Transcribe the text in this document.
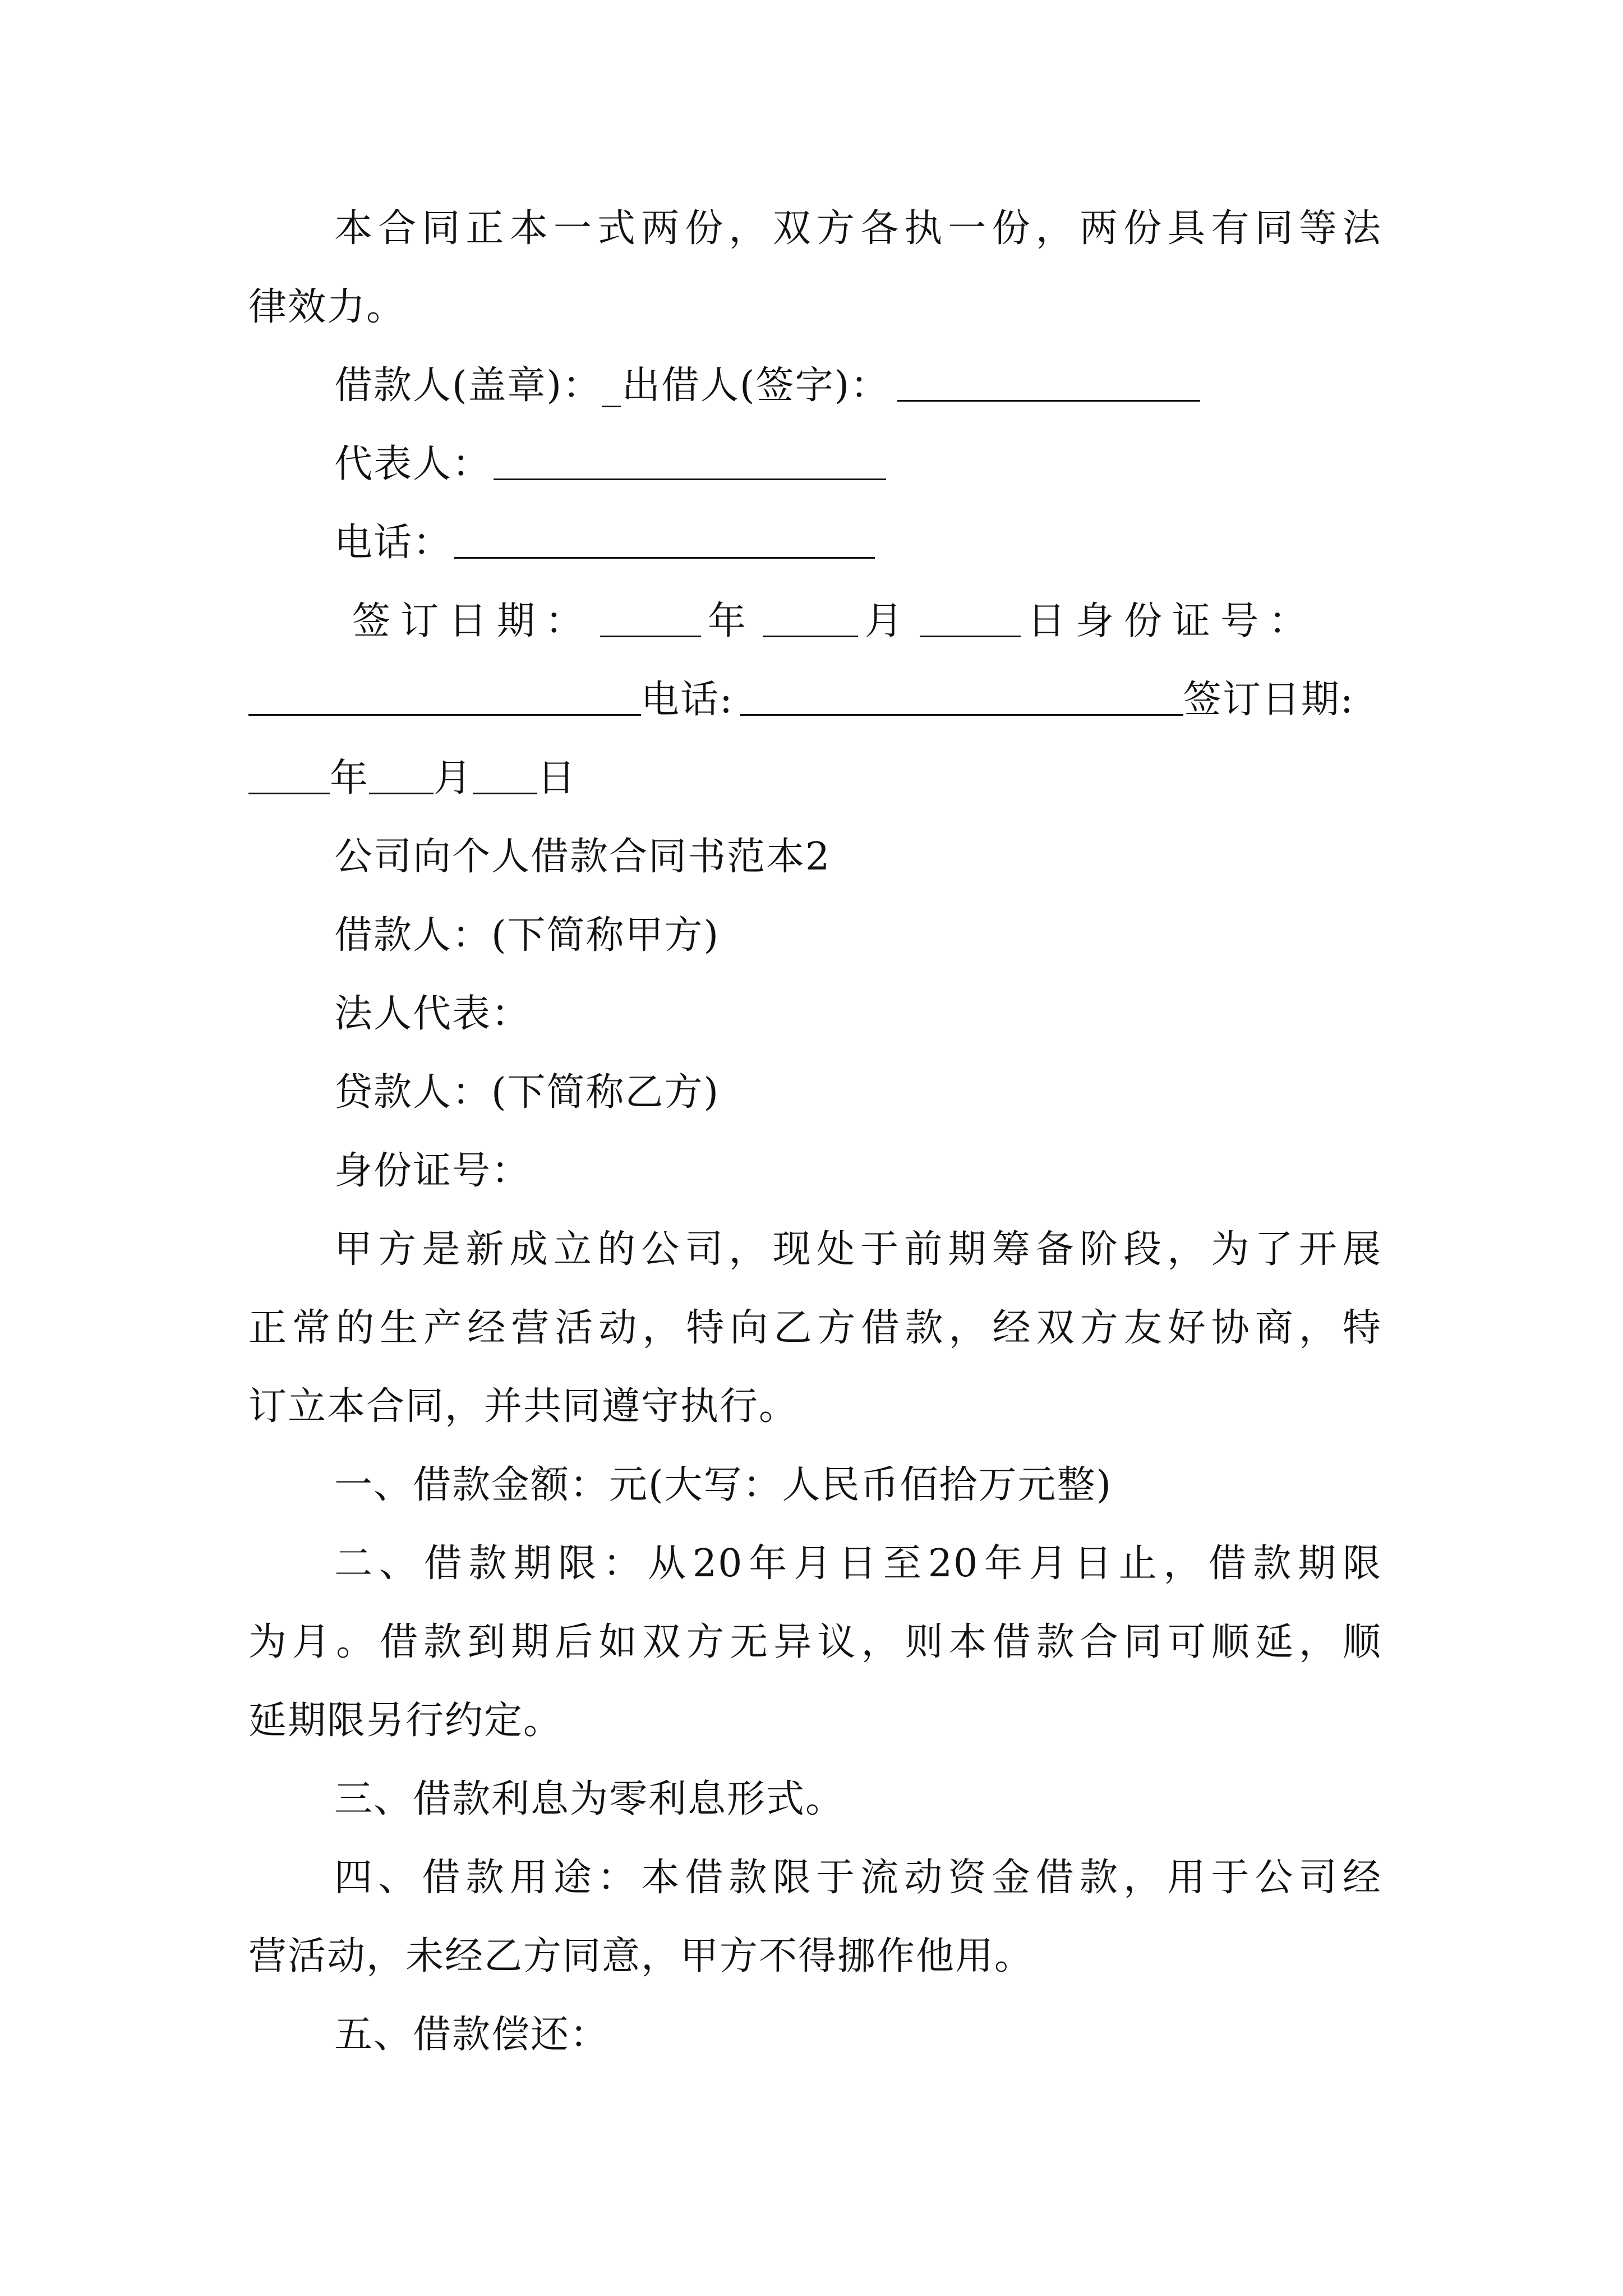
本合同正本一式两份，双方各执一份，两份具有同等法
律效力。
借款人(盖章)：_出借人(签字)：
代表人：
电话：
签订日期：	年	月	日身份证号：
电话:	签订日期:
年 月 日
公司向个人借款合同书范本2
借款人：(下简称甲方)
法人代表：
贷款人：(下简称乙方)
身份证号：
甲方是新成立的公司，现处于前期筹备阶段，为了开展
正常的生产经营活动，特向乙方借款，经双方友好协商，特
订立本合同，并共同遵守执行。
一、借款金额：元(大写：人民币佰拾万元整)
二、借款期限：从20年月日至20年月日止，借款期限
为月。借款到期后如双方无异议，则本借款合同可顺延，顺
延期限另行约定。
三、借款利息为零利息形式。
四、借款用途：本借款限于流动资金借款，用于公司经
营活动，未经乙方同意，甲方不得挪作他用。
五、借款偿还：
